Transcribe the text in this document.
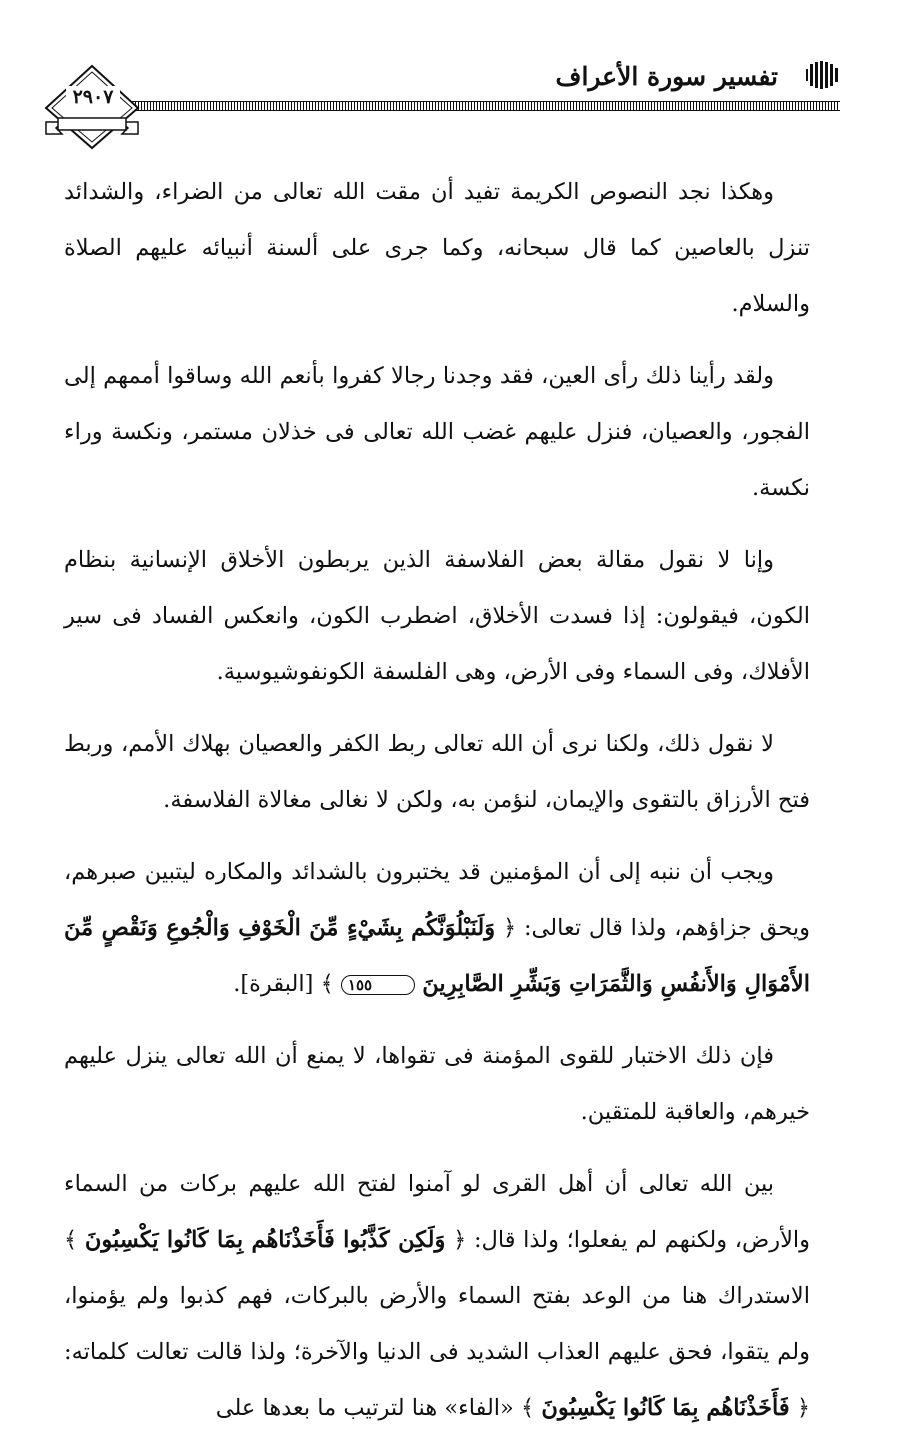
تفسير سورة الأعراف
٢٩٠٧

وهكذا نجد النصوص الكريمة تفيد أن مقت الله تعالى من الضراء، والشدائد تنزل بالعاصين كما قال سبحانه، وكما جرى على ألسنة أنبيائه عليهم الصلاة والسلام.

ولقد رأينا ذلك رأى العين، فقد وجدنا رجالا كفروا بأنعم الله وساقوا أممهم إلى الفجور، والعصيان، فنزل عليهم غضب الله تعالى فى خذلان مستمر، ونكسة وراء نكسة.

وإنا لا نقول مقالة بعض الفلاسفة الذين يربطون الأخلاق الإنسانية بنظام الكون، فيقولون: إذا فسدت الأخلاق، اضطرب الكون، وانعكس الفساد فى سير الأفلاك، وفى السماء وفى الأرض، وهى الفلسفة الكونفوشيوسية.

لا نقول ذلك، ولكنا نرى أن الله تعالى ربط الكفر والعصيان بهلاك الأمم، وربط فتح الأرزاق بالتقوى والإيمان، لنؤمن به، ولكن لا نغالى مغالاة الفلاسفة.

ويجب أن ننبه إلى أن المؤمنين قد يختبرون بالشدائد والمكاره ليتبين صبرهم، ويحق جزاؤهم، ولذا قال تعالى: ﴿ وَلَنَبْلُوَنَّكُم بِشَيْءٍ مِّنَ الْخَوْفِ وَالْجُوعِ وَنَقْصٍ مِّنَ الأَمْوَالِ وَالأَنفُسِ وَالثَّمَرَاتِ وَبَشِّرِ الصَّابِرِينَ ١٥٥ ﴾ [البقرة].

فإن ذلك الاختبار للقوى المؤمنة فى تقواها، لا يمنع أن الله تعالى ينزل عليهم خيرهم، والعاقبة للمتقين.

بين الله تعالى أن أهل القرى لو آمنوا لفتح الله عليهم بركات من السماء والأرض، ولكنهم لم يفعلوا؛ ولذا قال: ﴿ وَلَكِن كَذَّبُوا فَأَخَذْنَاهُم بِمَا كَانُوا يَكْسِبُونَ ﴾ الاستدراك هنا من الوعد بفتح السماء والأرض بالبركات، فهم كذبوا ولم يؤمنوا، ولم يتقوا، فحق عليهم العذاب الشديد فى الدنيا والآخرة؛ ولذا قالت تعالت كلماته: ﴿ فَأَخَذْنَاهُم بِمَا كَانُوا يَكْسِبُونَ ﴾ «الفاء» هنا لترتيب ما بعدها على
